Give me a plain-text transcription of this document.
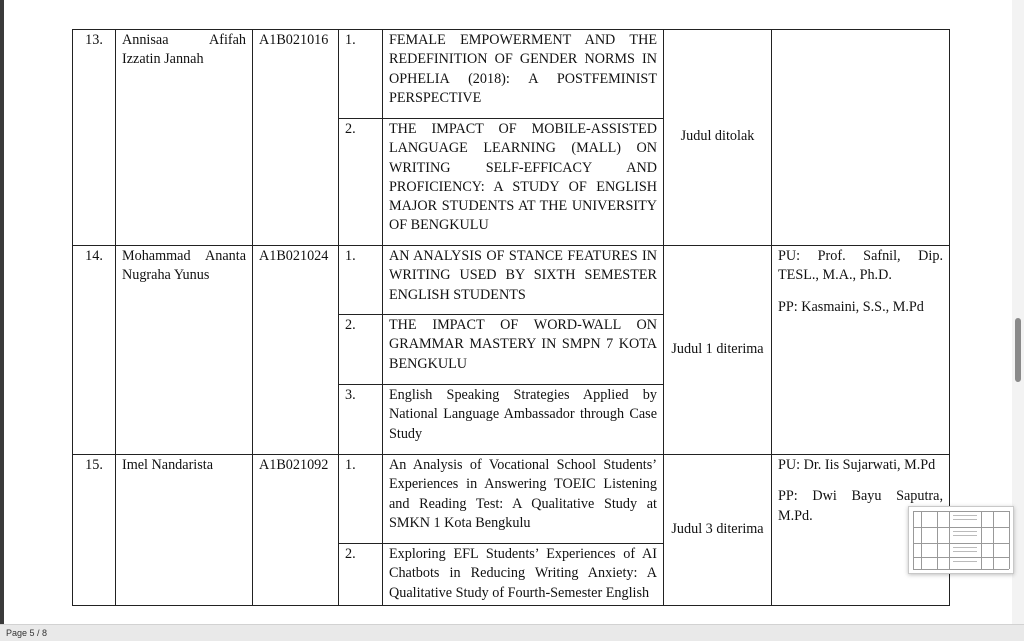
13.	Annisaa Afifah Izzatin Jannah	A1B021016	1.	FEMALE EMPOWERMENT AND THE REDEFINITION OF GENDER NORMS IN OPHELIA (2018): A POSTFEMINIST PERSPECTIVE	Judul ditolak	
			2.	THE IMPACT OF MOBILE-ASSISTED LANGUAGE LEARNING (MALL) ON WRITING SELF-EFFICACY AND PROFICIENCY: A STUDY OF ENGLISH MAJOR STUDENTS AT THE UNIVERSITY OF BENGKULU		
14.	Mohammad Ananta Nugraha Yunus	A1B021024	1.	AN ANALYSIS OF STANCE FEATURES IN WRITING USED BY SIXTH SEMESTER ENGLISH STUDENTS	Judul 1 diterima	PU: Prof. Safnil, Dip. TESL., M.A., Ph.D.

PP: Kasmaini, S.S., M.Pd

			2.	THE IMPACT OF WORD-WALL ON GRAMMAR MASTERY IN SMPN 7 KOTA BENGKULU		
			3.	English Speaking Strategies Applied by National Language Ambassador through Case Study		
15.	Imel Nandarista	A1B021092	1.	An Analysis of Vocational School Students’ Experiences in Answering TOEIC Listening and Reading Test: A Qualitative Study at SMKN 1 Kota Bengkulu	Judul 3 diterima	PU: Dr. Iis Sujarwati, M.Pd

PP: Dwi Bayu Saputra, M.Pd.

			2.	Exploring EFL Students’ Experiences of AI Chatbots in Reducing Writing Anxiety: A Qualitative Study of Fourth-Semester English		
Page 5 / 8
